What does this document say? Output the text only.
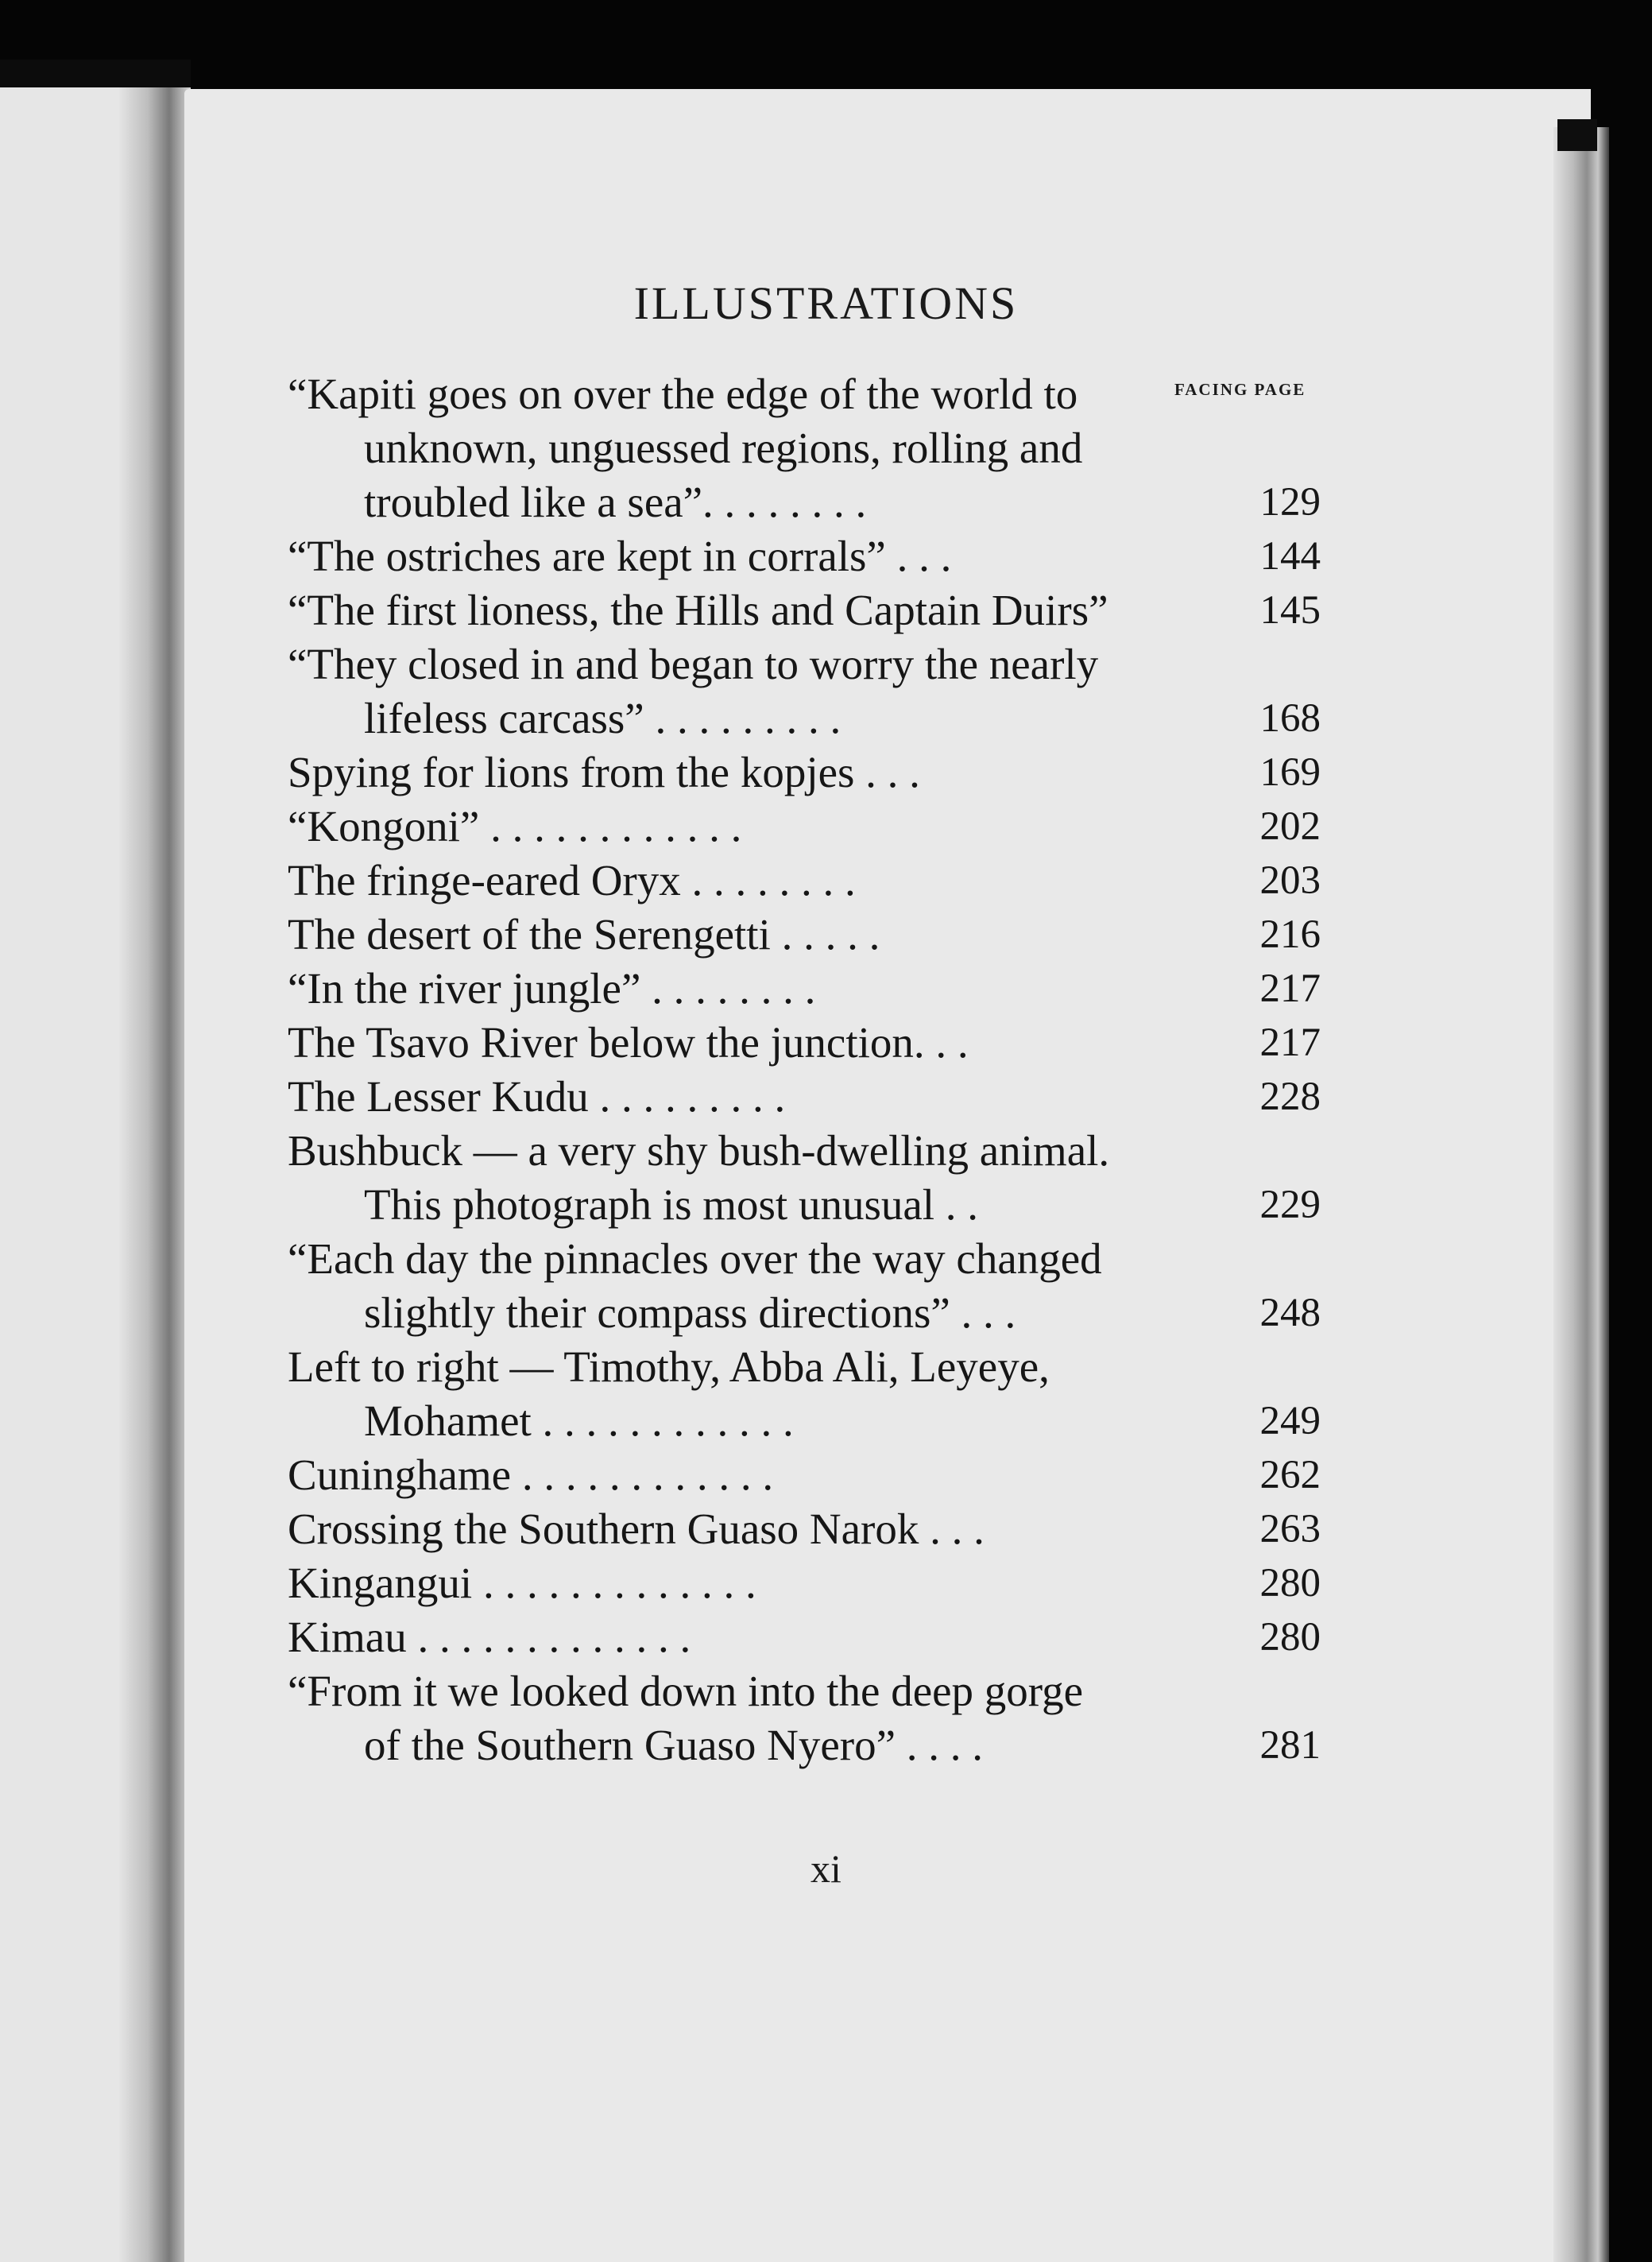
ILLUSTRATIONS
FACING PAGE
“Kapiti goes on over the edge of the world to
unknown, unguessed regions, rolling and
troubled like a sea”. . . . . . . .	129
“The ostriches are kept in corrals” . . .	144
“The first lioness, the Hills and Captain Duirs”	145
“They closed in and began to worry the nearly
lifeless carcass” . . . . . . . . .	168
Spying for lions from the kopjes . . .	169
“Kongoni” . . . . . . . . . . . .	202
The fringe-eared Oryx . . . . . . . .	203
The desert of the Serengetti . . . . .	216
“In the river jungle” . . . . . . . .	217
The Tsavo River below the junction. . .	217
The Lesser Kudu . . . . . . . . .	228
Bushbuck — a very shy bush-dwelling animal.
This photograph is most unusual . .	229
“Each day the pinnacles over the way changed
slightly their compass directions” . . .	248
Left to right — Timothy, Abba Ali, Leyeye,
Mohamet . . . . . . . . . . . .	249
Cuninghame . . . . . . . . . . . .	262
Crossing the Southern Guaso Narok . . .	263
Kingangui . . . . . . . . . . . . .	280
Kimau . . . . . . . . . . . . .	280
“From it we looked down into the deep gorge
of the Southern Guaso Nyero” . . . .	281
xi
